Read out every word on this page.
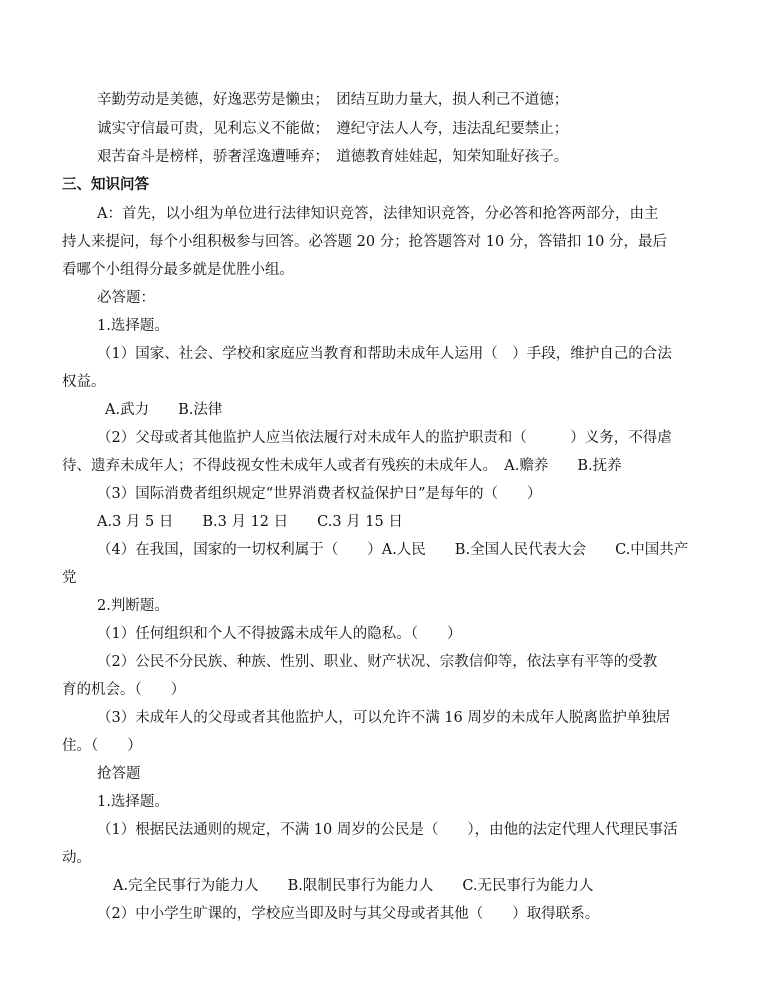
辛勤劳动是美德，好逸恶劳是懒虫；　团结互助力量大，损人利己不道德；
诚实守信最可贵，见利忘义不能做；　遵纪守法人人夸，违法乱纪要禁止；
艰苦奋斗是榜样，骄奢淫逸遭唾弃；　道德教育娃娃起，知荣知耻好孩子。
三、知识问答
A：首先，以小组为单位进行法律知识竞答，法律知识竞答，分必答和抢答两部分，由主
持人来提问，每个小组积极参与回答。必答题 20 分；抢答题答对 10 分，答错扣 10 分，最后
看哪个小组得分最多就是优胜小组。
必答题：
1.选择题。
（1）国家、社会、学校和家庭应当教育和帮助未成年人运用（　）手段，维护自己的合法
权益。
A.武力　　B.法律
（2）父母或者其他监护人应当依法履行对未成年人的监护职责和（　　　）义务，不得虐
待、遗弃未成年人；不得歧视女性未成年人或者有残疾的未成年人。　A.赡养　　B.抚养
（3）国际消费者组织规定“世界消费者权益保护日”是每年的（　　）
A.3 月 5 日　　B.3 月 12 日　　C.3 月 15 日
（4）在我国，国家的一切权利属于（　　）A.人民　　B.全国人民代表大会　　C.中国共产
党
2.判断题。
（1）任何组织和个人不得披露未成年人的隐私。（　　）
（2）公民不分民族、种族、性别、职业、财产状况、宗教信仰等，依法享有平等的受教
育的机会。（　　）
（3）未成年人的父母或者其他监护人，可以允许不满 16 周岁的未成年人脱离监护单独居
住。（　　）
抢答题
1.选择题。
（1）根据民法通则的规定，不满 10 周岁的公民是（　　），由他的法定代理人代理民事活
动。
A.完全民事行为能力人　　B.限制民事行为能力人　　C.无民事行为能力人
（2）中小学生旷课的，学校应当即及时与其父母或者其他（　　）取得联系。
